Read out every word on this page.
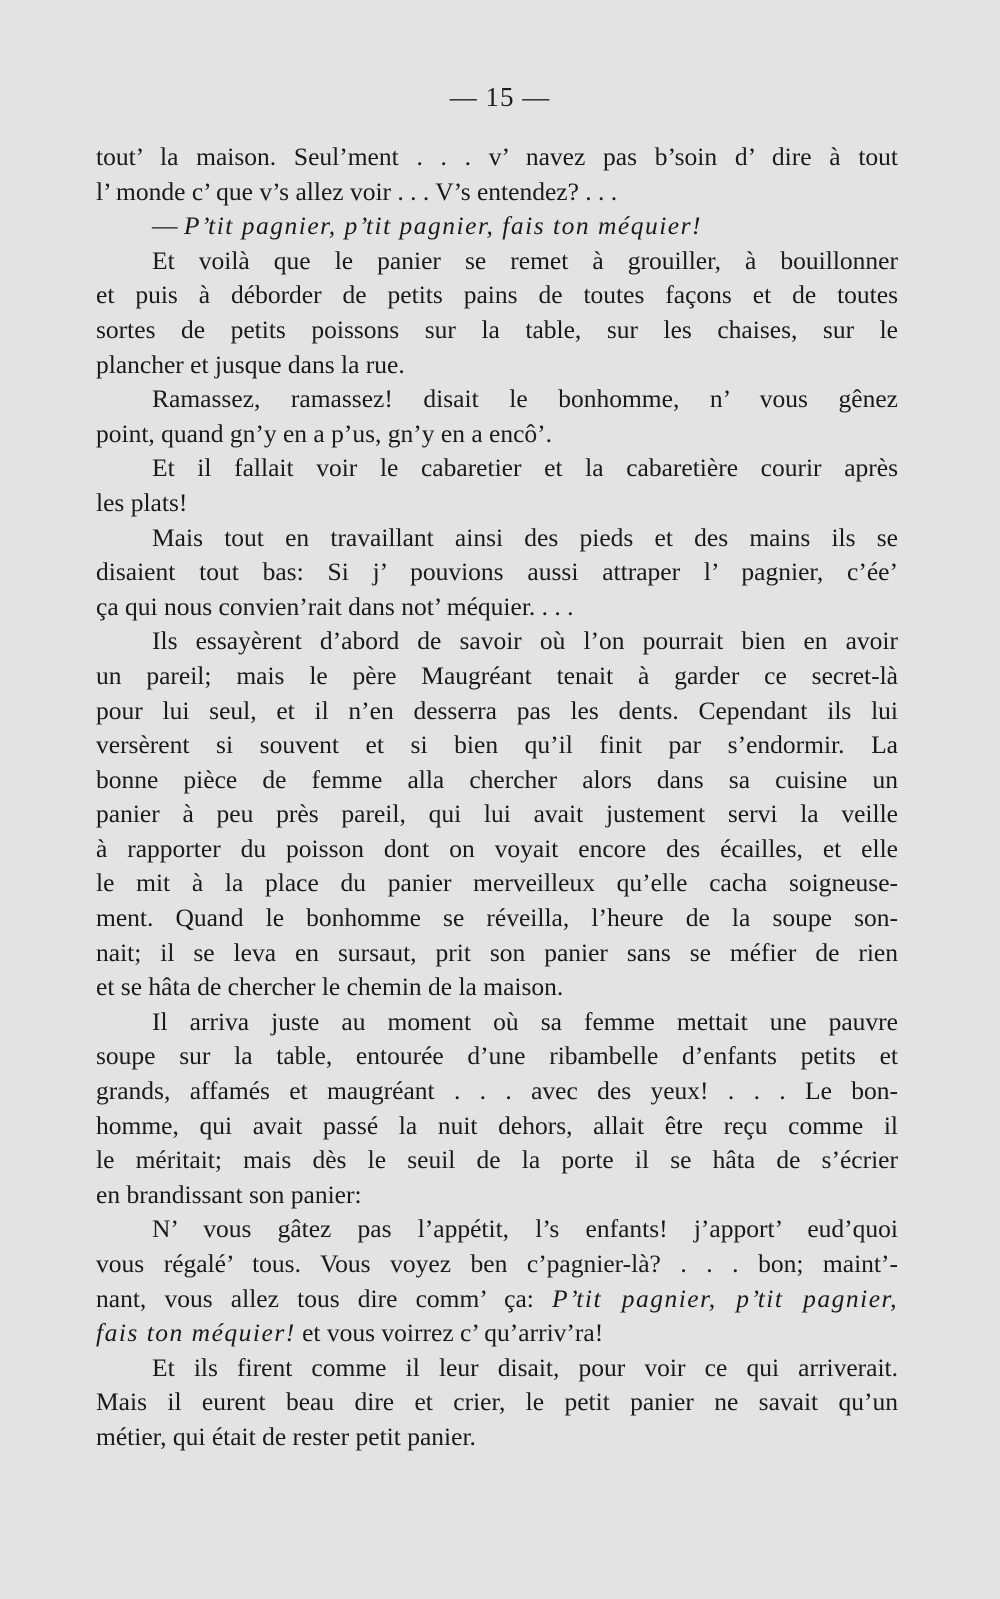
— 15 —
tout’ la maison. Seul’ment . . . v’ navez pas b’soin d’ dire à tout
l’ monde c’ que v’s allez voir . . . V’s entendez? . . .
— P’tit pagnier, p’tit pagnier, fais ton méquier!
Et voilà que le panier se remet à grouiller, à bouillonner
et puis à déborder de petits pains de toutes façons et de toutes
sortes de petits poissons sur la table, sur les chaises, sur le
plancher et jusque dans la rue.
Ramassez, ramassez! disait le bonhomme, n’ vous gênez
point, quand gn’y en a p’us, gn’y en a encô’.
Et il fallait voir le cabaretier et la cabaretière courir après
les plats!
Mais tout en travaillant ainsi des pieds et des mains ils se
disaient tout bas: Si j’ pouvions aussi attraper l’ pagnier, c’ée’
ça qui nous convien’rait dans not’ méquier. . . .
Ils essayèrent d’abord de savoir où l’on pourrait bien en avoir
un pareil; mais le père Maugréant tenait à garder ce secret-là
pour lui seul, et il n’en desserra pas les dents. Cependant ils lui
versèrent si souvent et si bien qu’il finit par s’endormir. La
bonne pièce de femme alla chercher alors dans sa cuisine un
panier à peu près pareil, qui lui avait justement servi la veille
à rapporter du poisson dont on voyait encore des écailles, et elle
le mit à la place du panier merveilleux qu’elle cacha soigneuse-
ment. Quand le bonhomme se réveilla, l’heure de la soupe son-
nait; il se leva en sursaut, prit son panier sans se méfier de rien
et se hâta de chercher le chemin de la maison.
Il arriva juste au moment où sa femme mettait une pauvre
soupe sur la table, entourée d’une ribambelle d’enfants petits et
grands, affamés et maugréant . . . avec des yeux! . . . Le bon-
homme, qui avait passé la nuit dehors, allait être reçu comme il
le méritait; mais dès le seuil de la porte il se hâta de s’écrier
en brandissant son panier:
N’ vous gâtez pas l’appétit, l’s enfants! j’apport’ eud’quoi
vous régalé’ tous. Vous voyez ben c’pagnier-là? . . . bon; maint’-
nant, vous allez tous dire comm’ ça: P’tit pagnier, p’tit pagnier,
fais ton méquier! et vous voirrez c’ qu’arriv’ra!
Et ils firent comme il leur disait, pour voir ce qui arriverait.
Mais il eurent beau dire et crier, le petit panier ne savait qu’un
métier, qui était de rester petit panier.
